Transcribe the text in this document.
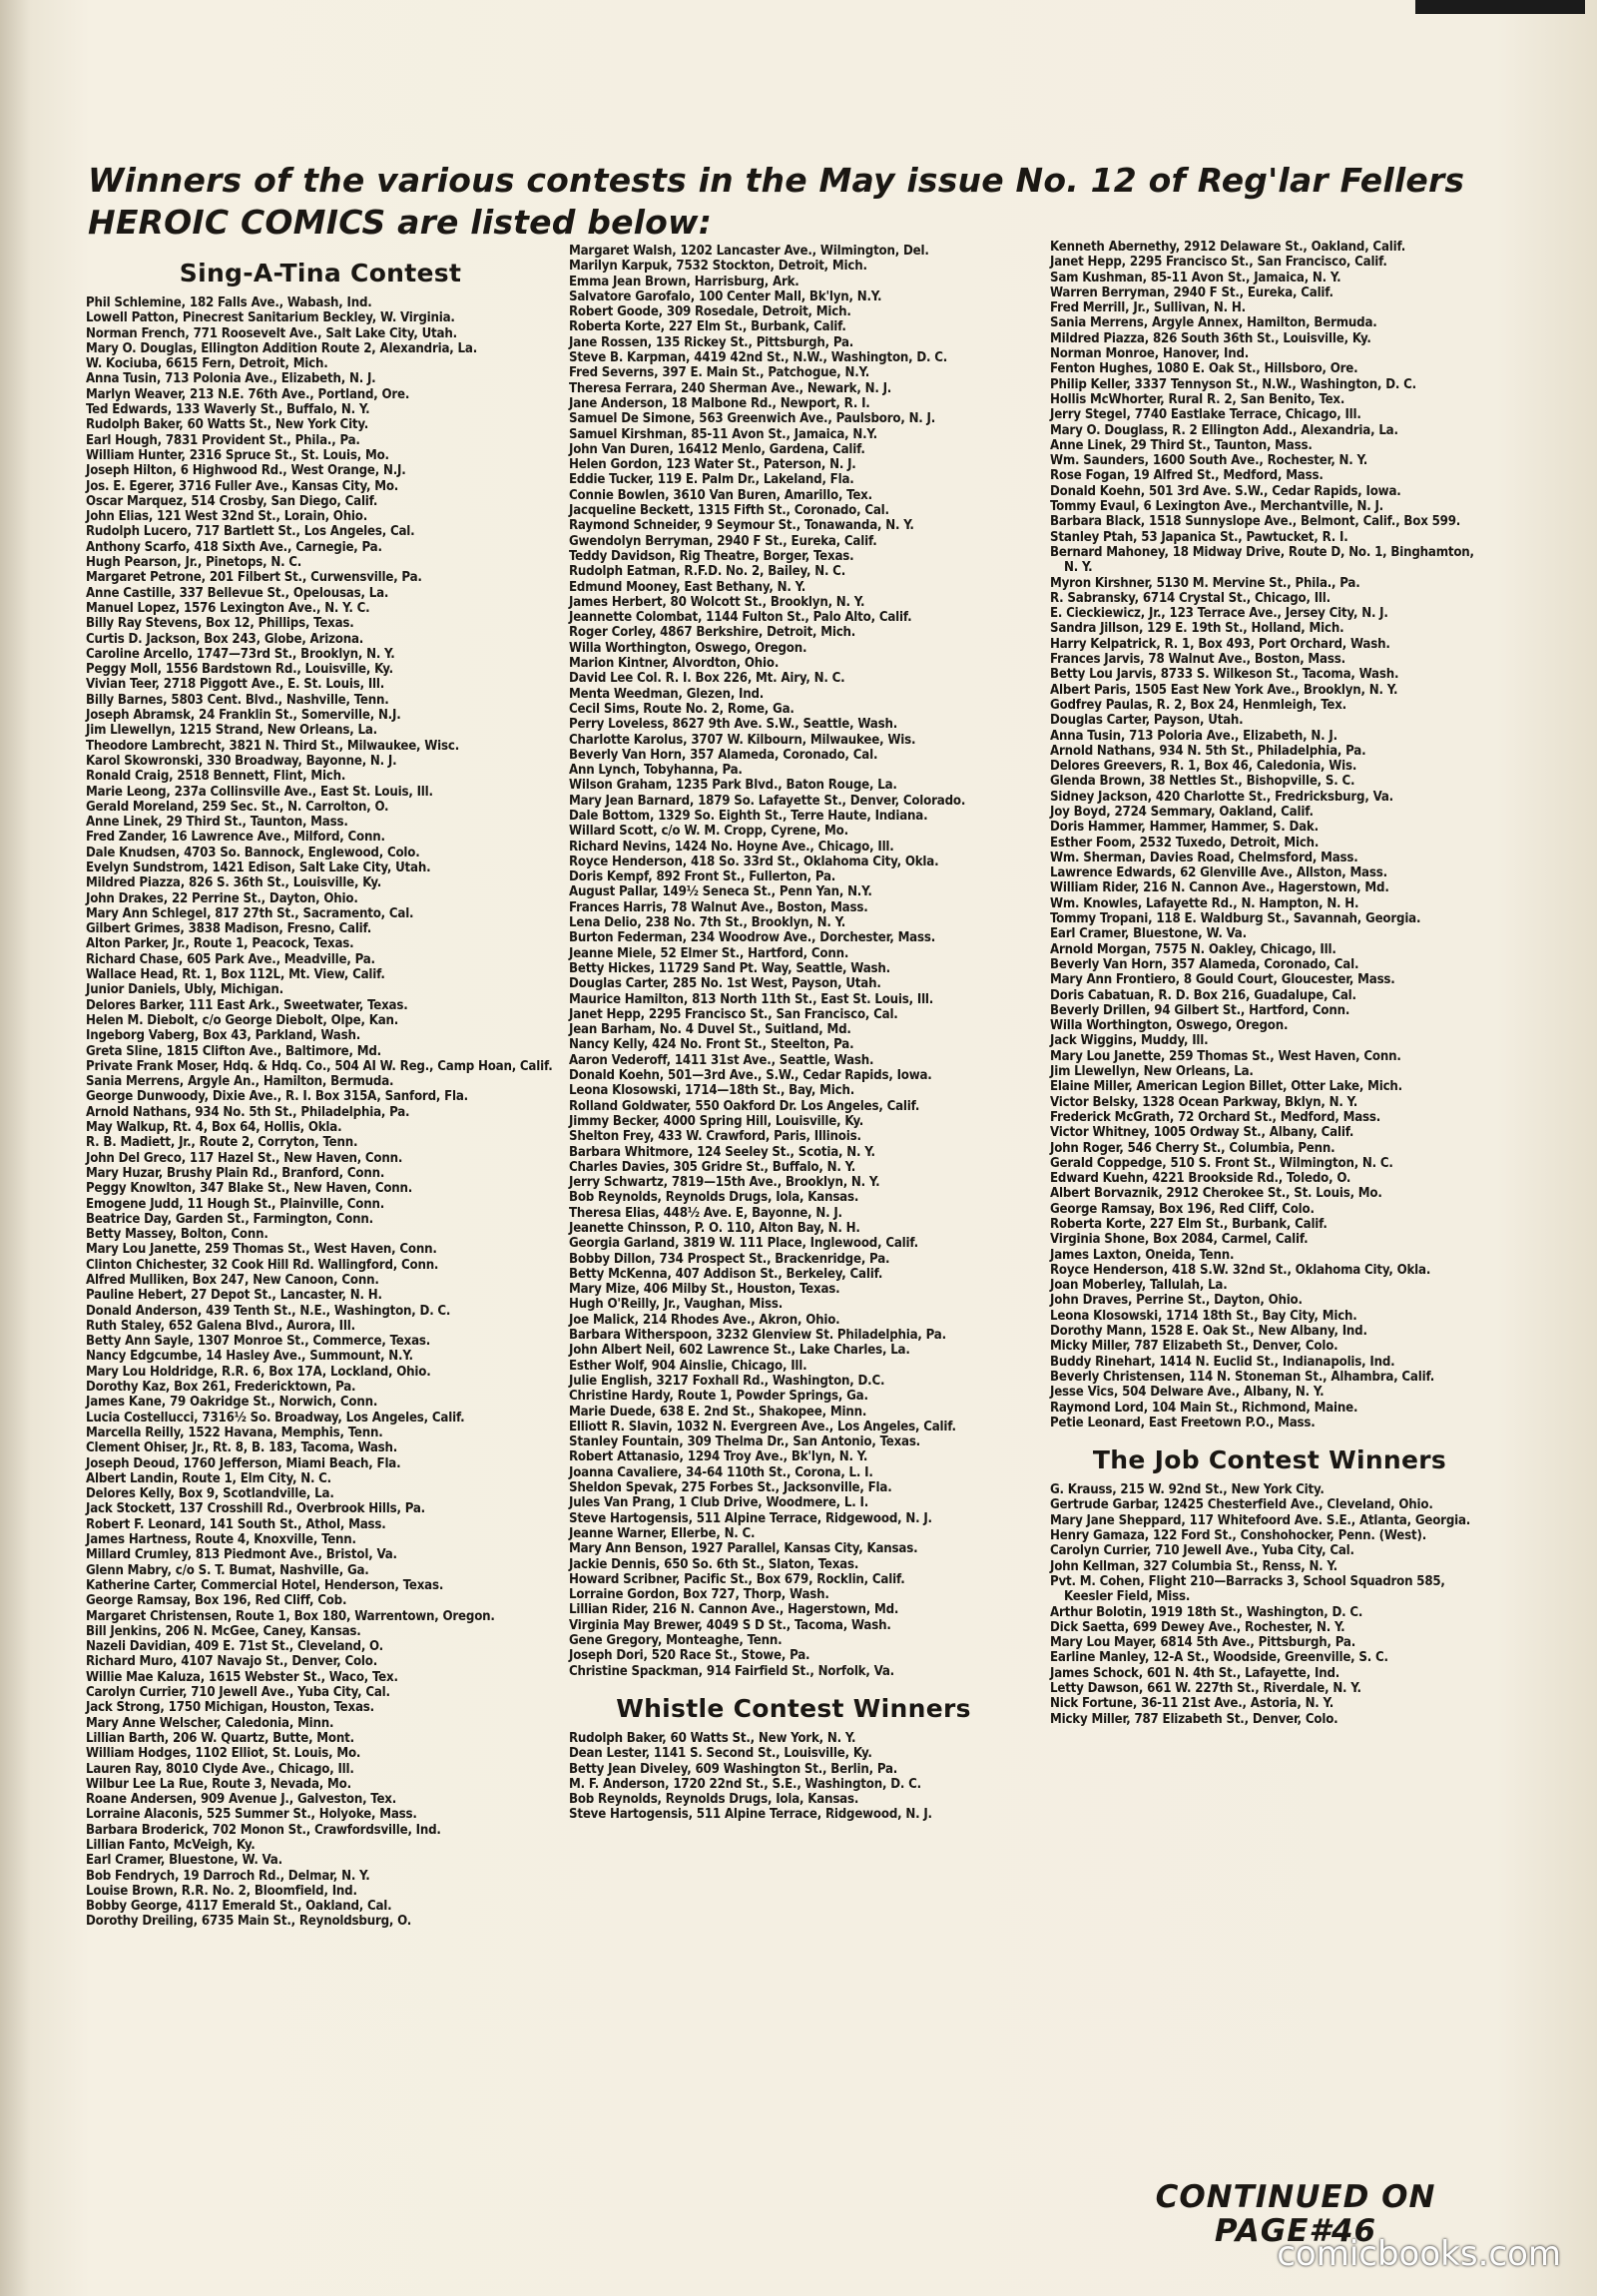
Winners of the various contests in the May issue No. 12 of Reg'lar Fellers
HEROIC COMICS are listed below:
Sing-A-Tina Contest

Phil Schlemine, 182 Falls Ave., Wabash, Ind.

Lowell Patton, Pinecrest Sanitarium Beckley, W. Virginia.

Norman French, 771 Roosevelt Ave., Salt Lake City, Utah.

Mary O. Douglas, Ellington Addition Route 2, Alexandria, La.

W. Kociuba, 6615 Fern, Detroit, Mich.

Anna Tusin, 713 Polonia Ave., Elizabeth, N. J.

Marlyn Weaver, 213 N.E. 76th Ave., Portland, Ore.

Ted Edwards, 133 Waverly St., Buffalo, N. Y.

Rudolph Baker, 60 Watts St., New York City.

Earl Hough, 7831 Provident St., Phila., Pa.

William Hunter, 2316 Spruce St., St. Louis, Mo.

Joseph Hilton, 6 Highwood Rd., West Orange, N.J.

Jos. E. Egerer, 3716 Fuller Ave., Kansas City, Mo.

Oscar Marquez, 514 Crosby, San Diego, Calif.

John Elias, 121 West 32nd St., Lorain, Ohio.

Rudolph Lucero, 717 Bartlett St., Los Angeles, Cal.

Anthony Scarfo, 418 Sixth Ave., Carnegie, Pa.

Hugh Pearson, Jr., Pinetops, N. C.

Margaret Petrone, 201 Filbert St., Curwensville, Pa.

Anne Castille, 337 Bellevue St., Opelousas, La.

Manuel Lopez, 1576 Lexington Ave., N. Y. C.

Billy Ray Stevens, Box 12, Phillips, Texas.

Curtis D. Jackson, Box 243, Globe, Arizona.

Caroline Arcello, 1747—73rd St., Brooklyn, N. Y.

Peggy Moll, 1556 Bardstown Rd., Louisville, Ky.

Vivian Teer, 2718 Piggott Ave., E. St. Louis, Ill.

Billy Barnes, 5803 Cent. Blvd., Nashville, Tenn.

Joseph Abramsk, 24 Franklin St., Somerville, N.J.

Jim Llewellyn, 1215 Strand, New Orleans, La.

Theodore Lambrecht, 3821 N. Third St., Milwaukee, Wisc.

Karol Skowronski, 330 Broadway, Bayonne, N. J.

Ronald Craig, 2518 Bennett, Flint, Mich.

Marie Leong, 237a Collinsville Ave., East St. Louis, Ill.

Gerald Moreland, 259 Sec. St., N. Carrolton, O.

Anne Linek, 29 Third St., Taunton, Mass.

Fred Zander, 16 Lawrence Ave., Milford, Conn.

Dale Knudsen, 4703 So. Bannock, Englewood, Colo.

Evelyn Sundstrom, 1421 Edison, Salt Lake City, Utah.

Mildred Piazza, 826 S. 36th St., Louisville, Ky.

John Drakes, 22 Perrine St., Dayton, Ohio.

Mary Ann Schlegel, 817 27th St., Sacramento, Cal.

Gilbert Grimes, 3838 Madison, Fresno, Calif.

Alton Parker, Jr., Route 1, Peacock, Texas.

Richard Chase, 605 Park Ave., Meadville, Pa.

Wallace Head, Rt. 1, Box 112L, Mt. View, Calif.

Junior Daniels, Ubly, Michigan.

Delores Barker, 111 East Ark., Sweetwater, Texas.

Helen M. Diebolt, c/o George Diebolt, Olpe, Kan.

Ingeborg Vaberg, Box 43, Parkland, Wash.

Greta Sline, 1815 Clifton Ave., Baltimore, Md.

Private Frank Moser, Hdq. & Hdq. Co., 504 AI W. Reg., Camp Hoan, Calif.

Sania Merrens, Argyle An., Hamilton, Bermuda.

George Dunwoody, Dixie Ave., R. I. Box 315A, Sanford, Fla.

Arnold Nathans, 934 No. 5th St., Philadelphia, Pa.

May Walkup, Rt. 4, Box 64, Hollis, Okla.

R. B. Madiett, Jr., Route 2, Corryton, Tenn.

John Del Greco, 117 Hazel St., New Haven, Conn.

Mary Huzar, Brushy Plain Rd., Branford, Conn.

Peggy Knowlton, 347 Blake St., New Haven, Conn.

Emogene Judd, 11 Hough St., Plainville, Conn.

Beatrice Day, Garden St., Farmington, Conn.

Betty Massey, Bolton, Conn.

Mary Lou Janette, 259 Thomas St., West Haven, Conn.

Clinton Chichester, 32 Cook Hill Rd. Wallingford, Conn.

Alfred Mulliken, Box 247, New Canoon, Conn.

Pauline Hebert, 27 Depot St., Lancaster, N. H.

Donald Anderson, 439 Tenth St., N.E., Washington, D. C.

Ruth Staley, 652 Galena Blvd., Aurora, Ill.

Betty Ann Sayle, 1307 Monroe St., Commerce, Texas.

Nancy Edgcumbe, 14 Hasley Ave., Summount, N.Y.

Mary Lou Holdridge, R.R. 6, Box 17A, Lockland, Ohio.

Dorothy Kaz, Box 261, Fredericktown, Pa.

James Kane, 79 Oakridge St., Norwich, Conn.

Lucia Costellucci, 7316½ So. Broadway, Los Angeles, Calif.

Marcella Reilly, 1522 Havana, Memphis, Tenn.

Clement Ohiser, Jr., Rt. 8, B. 183, Tacoma, Wash.

Joseph Deoud, 1760 Jefferson, Miami Beach, Fla.

Albert Landin, Route 1, Elm City, N. C.

Delores Kelly, Box 9, Scotlandville, La.

Jack Stockett, 137 Crosshill Rd., Overbrook Hills, Pa.

Robert F. Leonard, 141 South St., Athol, Mass.

James Hartness, Route 4, Knoxville, Tenn.

Millard Crumley, 813 Piedmont Ave., Bristol, Va.

Glenn Mabry, c/o S. T. Bumat, Nashville, Ga.

Katherine Carter, Commercial Hotel, Henderson, Texas.

George Ramsay, Box 196, Red Cliff, Cob.

Margaret Christensen, Route 1, Box 180, Warrentown, Oregon.

Bill Jenkins, 206 N. McGee, Caney, Kansas.

Nazeli Davidian, 409 E. 71st St., Cleveland, O.

Richard Muro, 4107 Navajo St., Denver, Colo.

Willie Mae Kaluza, 1615 Webster St., Waco, Tex.

Carolyn Currier, 710 Jewell Ave., Yuba City, Cal.

Jack Strong, 1750 Michigan, Houston, Texas.

Mary Anne Welscher, Caledonia, Minn.

Lillian Barth, 206 W. Quartz, Butte, Mont.

William Hodges, 1102 Elliot, St. Louis, Mo.

Lauren Ray, 8010 Clyde Ave., Chicago, Ill.

Wilbur Lee La Rue, Route 3, Nevada, Mo.

Roane Andersen, 909 Avenue J., Galveston, Tex.

Lorraine Alaconis, 525 Summer St., Holyoke, Mass.

Barbara Broderick, 702 Monon St., Crawfordsville, Ind.

Lillian Fanto, McVeigh, Ky.

Earl Cramer, Bluestone, W. Va.

Bob Fendrych, 19 Darroch Rd., Delmar, N. Y.

Louise Brown, R.R. No. 2, Bloomfield, Ind.

Bobby George, 4117 Emerald St., Oakland, Cal.

Dorothy Dreiling, 6735 Main St., Reynoldsburg, O.

Margaret Walsh, 1202 Lancaster Ave., Wilmington, Del.

Marilyn Karpuk, 7532 Stockton, Detroit, Mich.

Emma Jean Brown, Harrisburg, Ark.

Salvatore Garofalo, 100 Center Mall, Bk'lyn, N.Y.

Robert Goode, 309 Rosedale, Detroit, Mich.

Roberta Korte, 227 Elm St., Burbank, Calif.

Jane Rossen, 135 Rickey St., Pittsburgh, Pa.

Steve B. Karpman, 4419 42nd St., N.W., Washington, D. C.

Fred Severns, 397 E. Main St., Patchogue, N.Y.

Theresa Ferrara, 240 Sherman Ave., Newark, N. J.

Jane Anderson, 18 Malbone Rd., Newport, R. I.

Samuel De Simone, 563 Greenwich Ave., Paulsboro, N. J.

Samuel Kirshman, 85-11 Avon St., Jamaica, N.Y.

John Van Duren, 16412 Menlo, Gardena, Calif.

Helen Gordon, 123 Water St., Paterson, N. J.

Eddie Tucker, 119 E. Palm Dr., Lakeland, Fla.

Connie Bowlen, 3610 Van Buren, Amarillo, Tex.

Jacqueline Beckett, 1315 Fifth St., Coronado, Cal.

Raymond Schneider, 9 Seymour St., Tonawanda, N. Y.

Gwendolyn Berryman, 2940 F St., Eureka, Calif.

Teddy Davidson, Rig Theatre, Borger, Texas.

Rudolph Eatman, R.F.D. No. 2, Bailey, N. C.

Edmund Mooney, East Bethany, N. Y.

James Herbert, 80 Wolcott St., Brooklyn, N. Y.

Jeannette Colombat, 1144 Fulton St., Palo Alto, Calif.

Roger Corley, 4867 Berkshire, Detroit, Mich.

Willa Worthington, Oswego, Oregon.

Marion Kintner, Alvordton, Ohio.

David Lee Col. R. I. Box 226, Mt. Airy, N. C.

Menta Weedman, Glezen, Ind.

Cecil Sims, Route No. 2, Rome, Ga.

Perry Loveless, 8627 9th Ave. S.W., Seattle, Wash.

Charlotte Karolus, 3707 W. Kilbourn, Milwaukee, Wis.

Beverly Van Horn, 357 Alameda, Coronado, Cal.

Ann Lynch, Tobyhanna, Pa.

Wilson Graham, 1235 Park Blvd., Baton Rouge, La.

Mary Jean Barnard, 1879 So. Lafayette St., Denver, Colorado.

Dale Bottom, 1329 So. Eighth St., Terre Haute, Indiana.

Willard Scott, c/o W. M. Cropp, Cyrene, Mo.

Richard Nevins, 1424 No. Hoyne Ave., Chicago, Ill.

Royce Henderson, 418 So. 33rd St., Oklahoma City, Okla.

Doris Kempf, 892 Front St., Fullerton, Pa.

August Pallar, 149½ Seneca St., Penn Yan, N.Y.

Frances Harris, 78 Walnut Ave., Boston, Mass.

Lena Delio, 238 No. 7th St., Brooklyn, N. Y.

Burton Federman, 234 Woodrow Ave., Dorchester, Mass.

Jeanne Miele, 52 Elmer St., Hartford, Conn.

Betty Hickes, 11729 Sand Pt. Way, Seattle, Wash.

Douglas Carter, 285 No. 1st West, Payson, Utah.

Maurice Hamilton, 813 North 11th St., East St. Louis, Ill.

Janet Hepp, 2295 Francisco St., San Francisco, Cal.

Jean Barham, No. 4 Duvel St., Suitland, Md.

Nancy Kelly, 424 No. Front St., Steelton, Pa.

Aaron Vederoff, 1411 31st Ave., Seattle, Wash.

Donald Koehn, 501—3rd Ave., S.W., Cedar Rapids, Iowa.

Leona Klosowski, 1714—18th St., Bay, Mich.

Rolland Goldwater, 550 Oakford Dr. Los Angeles, Calif.

Jimmy Becker, 4000 Spring Hill, Louisville, Ky.

Shelton Frey, 433 W. Crawford, Paris, Illinois.

Barbara Whitmore, 124 Seeley St., Scotia, N. Y.

Charles Davies, 305 Gridre St., Buffalo, N. Y.

Jerry Schwartz, 7819—15th Ave., Brooklyn, N. Y.

Bob Reynolds, Reynolds Drugs, Iola, Kansas.

Theresa Elias, 448½ Ave. E, Bayonne, N. J.

Jeanette Chinsson, P. O. 110, Alton Bay, N. H.

Georgia Garland, 3819 W. 111 Place, Inglewood, Calif.

Bobby Dillon, 734 Prospect St., Brackenridge, Pa.

Betty McKenna, 407 Addison St., Berkeley, Calif.

Mary Mize, 406 Milby St., Houston, Texas.

Hugh O'Reilly, Jr., Vaughan, Miss.

Joe Malick, 214 Rhodes Ave., Akron, Ohio.

Barbara Witherspoon, 3232 Glenview St. Philadelphia, Pa.

John Albert Neil, 602 Lawrence St., Lake Charles, La.

Esther Wolf, 904 Ainslie, Chicago, Ill.

Julie English, 3217 Foxhall Rd., Washington, D.C.

Christine Hardy, Route 1, Powder Springs, Ga.

Marie Duede, 638 E. 2nd St., Shakopee, Minn.

Elliott R. Slavin, 1032 N. Evergreen Ave., Los Angeles, Calif.

Stanley Fountain, 309 Thelma Dr., San Antonio, Texas.

Robert Attanasio, 1294 Troy Ave., Bk'lyn, N. Y.

Joanna Cavaliere, 34-64 110th St., Corona, L. I.

Sheldon Spevak, 275 Forbes St., Jacksonville, Fla.

Jules Van Prang, 1 Club Drive, Woodmere, L. I.

Steve Hartogensis, 511 Alpine Terrace, Ridgewood, N. J.

Jeanne Warner, Ellerbe, N. C.

Mary Ann Benson, 1927 Parallel, Kansas City, Kansas.

Jackie Dennis, 650 So. 6th St., Slaton, Texas.

Howard Scribner, Pacific St., Box 679, Rocklin, Calif.

Lorraine Gordon, Box 727, Thorp, Wash.

Lillian Rider, 216 N. Cannon Ave., Hagerstown, Md.

Virginia May Brewer, 4049 S D St., Tacoma, Wash.

Gene Gregory, Monteaghe, Tenn.

Joseph Dori, 520 Race St., Stowe, Pa.

Christine Spackman, 914 Fairfield St., Norfolk, Va.

Whistle Contest Winners

Rudolph Baker, 60 Watts St., New York, N. Y.

Dean Lester, 1141 S. Second St., Louisville, Ky.

Betty Jean Diveley, 609 Washington St., Berlin, Pa.

M. F. Anderson, 1720 22nd St., S.E., Washington, D. C.

Bob Reynolds, Reynolds Drugs, Iola, Kansas.

Steve Hartogensis, 511 Alpine Terrace, Ridgewood, N. J.

Kenneth Abernethy, 2912 Delaware St., Oakland, Calif.

Janet Hepp, 2295 Francisco St., San Francisco, Calif.

Sam Kushman, 85-11 Avon St., Jamaica, N. Y.

Warren Berryman, 2940 F St., Eureka, Calif.

Fred Merrill, Jr., Sullivan, N. H.

Sania Merrens, Argyle Annex, Hamilton, Bermuda.

Mildred Piazza, 826 South 36th St., Louisville, Ky.

Norman Monroe, Hanover, Ind.

Fenton Hughes, 1080 E. Oak St., Hillsboro, Ore.

Philip Keller, 3337 Tennyson St., N.W., Washington, D. C.

Hollis McWhorter, Rural R. 2, San Benito, Tex.

Jerry Stegel, 7740 Eastlake Terrace, Chicago, Ill.

Mary O. Douglass, R. 2 Ellington Add., Alexandria, La.

Anne Linek, 29 Third St., Taunton, Mass.

Wm. Saunders, 1600 South Ave., Rochester, N. Y.

Rose Fogan, 19 Alfred St., Medford, Mass.

Donald Koehn, 501 3rd Ave. S.W., Cedar Rapids, Iowa.

Tommy Evaul, 6 Lexington Ave., Merchantville, N. J.

Barbara Black, 1518 Sunnyslope Ave., Belmont, Calif., Box 599.

Stanley Ptah, 53 Japanica St., Pawtucket, R. I.

Bernard Mahoney, 18 Midway Drive, Route D, No. 1, Binghamton, N. Y.

Myron Kirshner, 5130 M. Mervine St., Phila., Pa.

R. Sabransky, 6714 Crystal St., Chicago, Ill.

E. Cieckiewicz, Jr., 123 Terrace Ave., Jersey City, N. J.

Sandra Jillson, 129 E. 19th St., Holland, Mich.

Harry Kelpatrick, R. 1, Box 493, Port Orchard, Wash.

Frances Jarvis, 78 Walnut Ave., Boston, Mass.

Betty Lou Jarvis, 8733 S. Wilkeson St., Tacoma, Wash.

Albert Paris, 1505 East New York Ave., Brooklyn, N. Y.

Godfrey Paulas, R. 2, Box 24, Henmleigh, Tex.

Douglas Carter, Payson, Utah.

Anna Tusin, 713 Poloria Ave., Elizabeth, N. J.

Arnold Nathans, 934 N. 5th St., Philadelphia, Pa.

Delores Greevers, R. 1, Box 46, Caledonia, Wis.

Glenda Brown, 38 Nettles St., Bishopville, S. C.

Sidney Jackson, 420 Charlotte St., Fredricksburg, Va.

Joy Boyd, 2724 Semmary, Oakland, Calif.

Doris Hammer, Hammer, Hammer, S. Dak.

Esther Foom, 2532 Tuxedo, Detroit, Mich.

Wm. Sherman, Davies Road, Chelmsford, Mass.

Lawrence Edwards, 62 Glenville Ave., Allston, Mass.

William Rider, 216 N. Cannon Ave., Hagerstown, Md.

Wm. Knowles, Lafayette Rd., N. Hampton, N. H.

Tommy Tropani, 118 E. Waldburg St., Savannah, Georgia.

Earl Cramer, Bluestone, W. Va.

Arnold Morgan, 7575 N. Oakley, Chicago, Ill.

Beverly Van Horn, 357 Alameda, Coronado, Cal.

Mary Ann Frontiero, 8 Gould Court, Gloucester, Mass.

Doris Cabatuan, R. D. Box 216, Guadalupe, Cal.

Beverly Drillen, 94 Gilbert St., Hartford, Conn.

Willa Worthington, Oswego, Oregon.

Jack Wiggins, Muddy, Ill.

Mary Lou Janette, 259 Thomas St., West Haven, Conn.

Jim Llewellyn, New Orleans, La.

Elaine Miller, American Legion Billet, Otter Lake, Mich.

Victor Belsky, 1328 Ocean Parkway, Bklyn, N. Y.

Frederick McGrath, 72 Orchard St., Medford, Mass.

Victor Whitney, 1005 Ordway St., Albany, Calif.

John Roger, 546 Cherry St., Columbia, Penn.

Gerald Coppedge, 510 S. Front St., Wilmington, N. C.

Edward Kuehn, 4221 Brookside Rd., Toledo, O.

Albert Borvaznik, 2912 Cherokee St., St. Louis, Mo.

George Ramsay, Box 196, Red Cliff, Colo.

Roberta Korte, 227 Elm St., Burbank, Calif.

Virginia Shone, Box 2084, Carmel, Calif.

James Laxton, Oneida, Tenn.

Royce Henderson, 418 S.W. 32nd St., Oklahoma City, Okla.

Joan Moberley, Tallulah, La.

John Draves, Perrine St., Dayton, Ohio.

Leona Klosowski, 1714 18th St., Bay City, Mich.

Dorothy Mann, 1528 E. Oak St., New Albany, Ind.

Micky Miller, 787 Elizabeth St., Denver, Colo.

Buddy Rinehart, 1414 N. Euclid St., Indianapolis, Ind.

Beverly Christensen, 114 N. Stoneman St., Alhambra, Calif.

Jesse Vics, 504 Delware Ave., Albany, N. Y.

Raymond Lord, 104 Main St., Richmond, Maine.

Petie Leonard, East Freetown P.O., Mass.

The Job Contest Winners

G. Krauss, 215 W. 92nd St., New York City.

Gertrude Garbar, 12425 Chesterfield Ave., Cleveland, Ohio.

Mary Jane Sheppard, 117 Whitefoord Ave. S.E., Atlanta, Georgia.

Henry Gamaza, 122 Ford St., Conshohocker, Penn. (West).

Carolyn Currier, 710 Jewell Ave., Yuba City, Cal.

John Kellman, 327 Columbia St., Renss, N. Y.

Pvt. M. Cohen, Flight 210—Barracks 3, School Squadron 585, Keesler Field, Miss.

Arthur Bolotin, 1919 18th St., Washington, D. C.

Dick Saetta, 699 Dewey Ave., Rochester, N. Y.

Mary Lou Mayer, 6814 5th Ave., Pittsburgh, Pa.

Earline Manley, 12-A St., Woodside, Greenville, S. C.

James Schock, 601 N. 4th St., Lafayette, Ind.

Letty Dawson, 661 W. 227th St., Riverdale, N. Y.

Nick Fortune, 36-11 21st Ave., Astoria, N. Y.

Micky Miller, 787 Elizabeth St., Denver, Colo.

CONTINUED ON
PAGE#46
comicbooks.com
